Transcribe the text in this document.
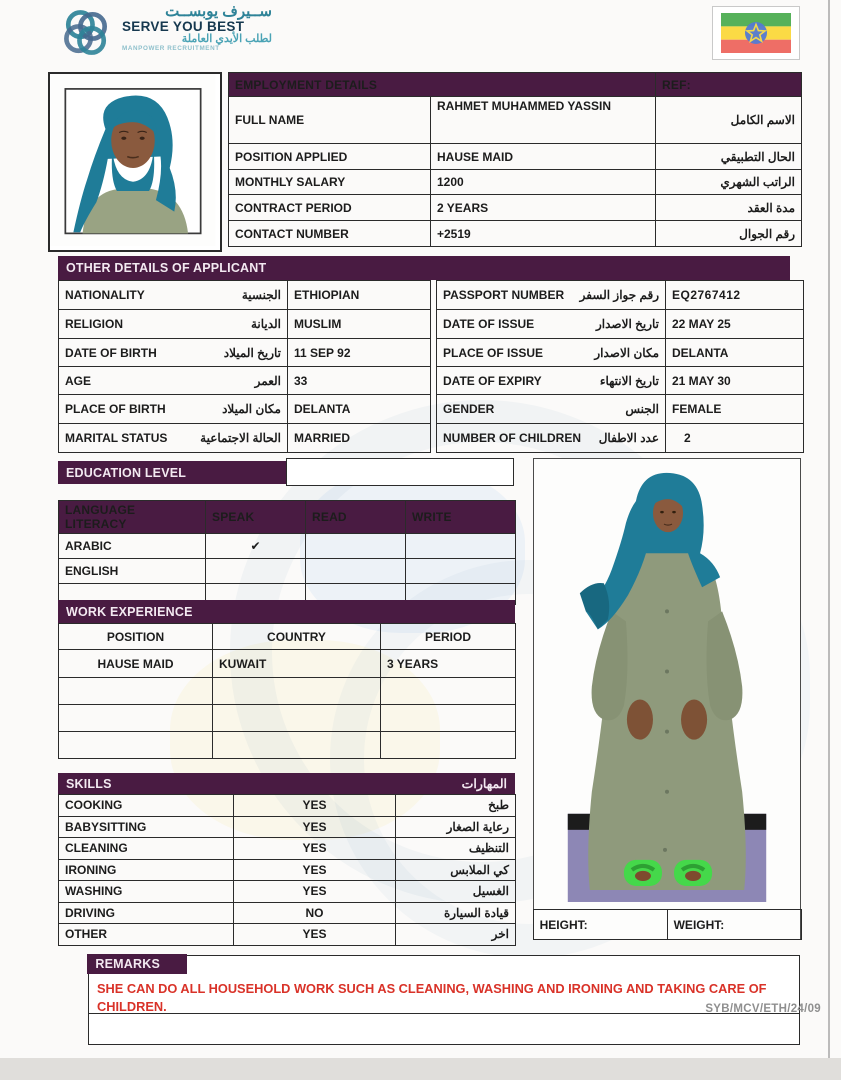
ســيرف يوبســت
SERVE YOU BEST
لطلب الأيدي العاملة
MANPOWER RECRUITMENT
EMPLOYMENT DETAILS		REF:
FULL NAME	RAHMET MUHAMMED YASSIN	الاسم الكامل
POSITION APPLIED	HAUSE MAID	الحال التطبيقي
MONTHLY SALARY	1200	الراتب الشهري
CONTRACT PERIOD	2 YEARS	مدة العقد
CONTACT NUMBER	+2519	رقم الجوال
OTHER DETAILS OF APPLICANT
NATIONALITY الجنسية	ETHIOPIAN

RELIGION الديانة	MUSLIM

DATE OF BIRTH تاريخ الميلاد	11 SEP 92

AGE العمر	33

PLACE OF BIRTH مكان الميلاد	DELANTA

MARITAL STATUS الحالة الاجتماعية	MARRIED
PASSPORT NUMBER رقم جواز السفر	EQ2767412

DATE OF ISSUE تاريخ الاصدار	22 MAY 25

PLACE OF ISSUE مكان الاصدار	DELANTA

DATE OF EXPIRY تاريخ الانتهاء	21 MAY 30

GENDER الجنس	FEMALE

NUMBER OF CHILDREN عدد الاطفال	2
EDUCATION LEVEL
LANGUAGE LITERACY	SPEAK	READ	WRITE
ARABIC	✔		
ENGLISH			

HEIGHT:	WEIGHT:
WORK EXPERIENCE
POSITION	COUNTRY	PERIOD
HAUSE MAID	KUWAIT	3 YEARS

SKILLS	المهارات
COOKING	YES	طبخ
BABYSITTING	YES	رعاية الصغار
CLEANING	YES	التنظيف
IRONING	YES	كي الملابس
WASHING	YES	الغسيل
DRIVING	NO	قيادة السيارة
OTHER	YES	اخر
REMARKS
SHE CAN DO ALL HOUSEHOLD WORK SUCH AS CLEANING, WASHING AND IRONING AND TAKING CARE OF CHILDREN.	SYB/MCV/ETH/24/09
